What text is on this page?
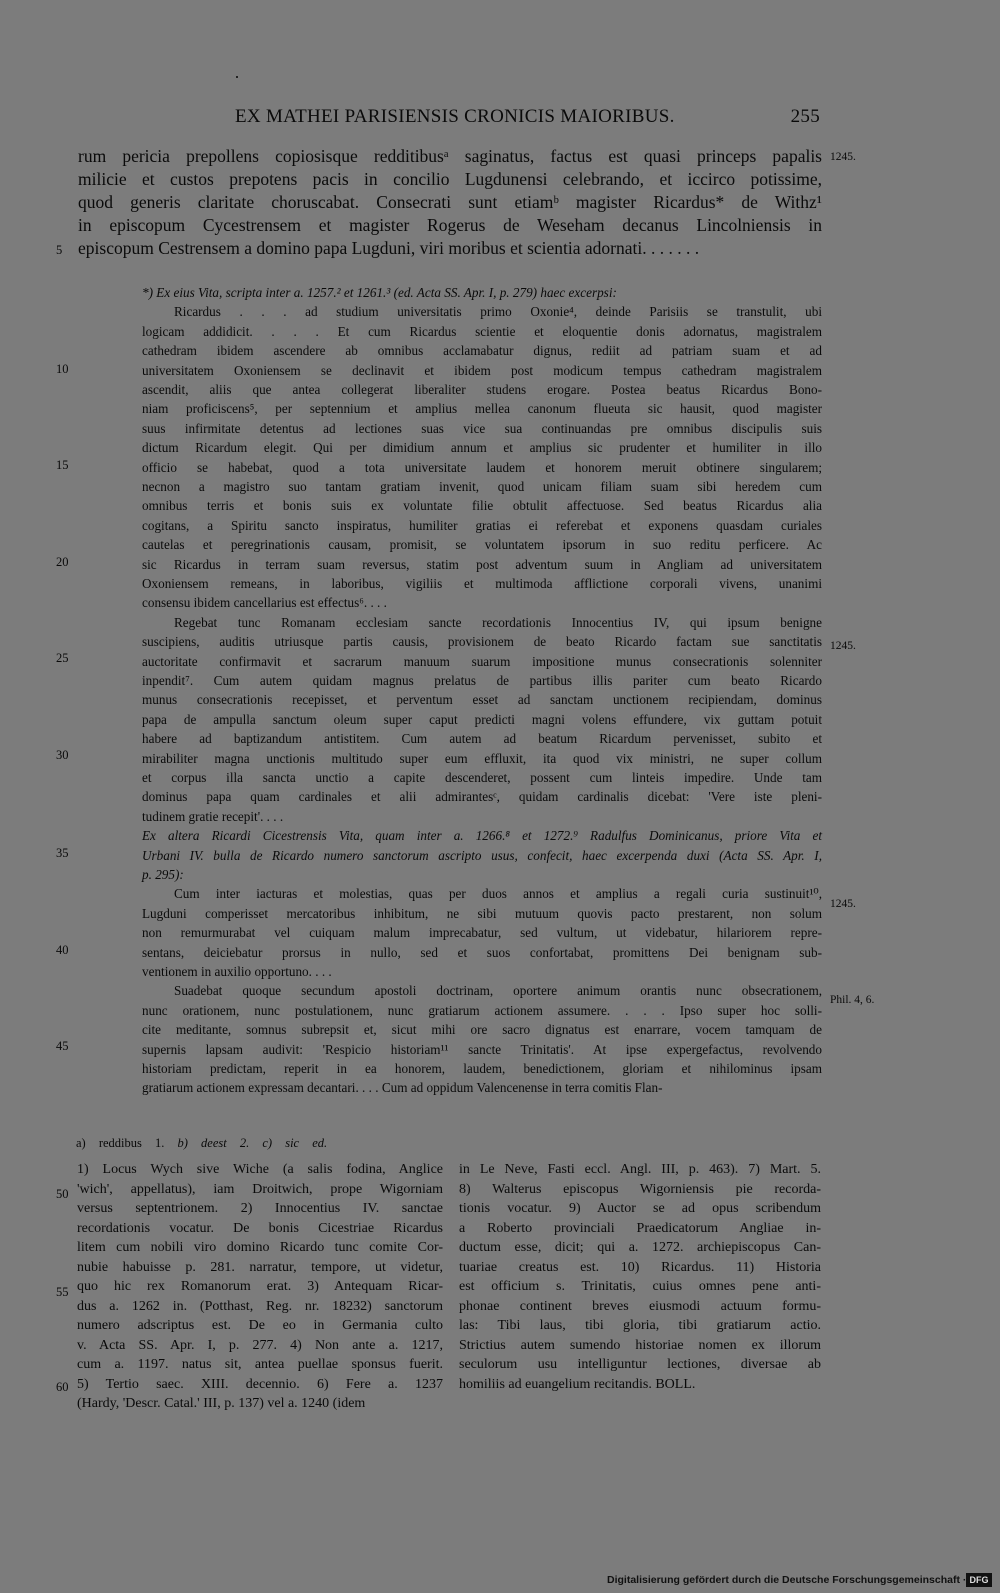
EX MATHEI PARISIENSIS CRONICIS MAIORIBUS.	255
rum pericia prepollens copiosisque redditibusᵃ saginatus, factus est quasi princeps papalis
milicie et custos prepotens pacis in concilio Lugdunensi celebrando, et iccirco potissime,
quod generis claritate choruscabat. Consecrati sunt etiamᵇ magister Ricardus* de Withz¹
in episcopum Cycestrensem et magister Rogerus de Weseham decanus Lincolniensis in
episcopum Cestrensem a domino papa Lugduni, viri moribus et scientia adornati. . . . . . .
*) Ex eius Vita, scripta inter a. 1257.² et 1261.³ (ed. Acta SS. Apr. I, p. 279) haec excerpsi:
Ricardus . . . ad studium universitatis primo Oxonie⁴, deinde Parisiis se transtulit, ubi
logicam addidicit. . . . Et cum Ricardus scientie et eloquentie donis adornatus, magistralem
cathedram ibidem ascendere ab omnibus acclamabatur dignus, rediit ad patriam suam et ad
universitatem Oxoniensem se declinavit et ibidem post modicum tempus cathedram magistralem
ascendit, aliis que antea collegerat liberaliter studens erogare. Postea beatus Ricardus Bono-
niam proficiscens⁵, per septennium et amplius mellea canonum flueuta sic hausit, quod magister
suus infirmitate detentus ad lectiones suas vice sua continuandas pre omnibus discipulis suis
dictum Ricardum elegit. Qui per dimidium annum et amplius sic prudenter et humiliter in illo
officio se habebat, quod a tota universitate laudem et honorem meruit obtinere singularem;
necnon a magistro suo tantam gratiam invenit, quod unicam filiam suam sibi heredem cum
omnibus terris et bonis suis ex voluntate filie obtulit affectuose. Sed beatus Ricardus alia
cogitans, a Spiritu sancto inspiratus, humiliter gratias ei referebat et exponens quasdam curiales
cautelas et peregrinationis causam, promisit, se voluntatem ipsorum in suo reditu perficere. Ac
sic Ricardus in terram suam reversus, statim post adventum suum in Angliam ad universitatem
Oxoniensem remeans, in laboribus, vigiliis et multimoda afflictione corporali vivens, unanimi
consensu ibidem cancellarius est effectus⁶. . . .
Regebat tunc Romanam ecclesiam sancte recordationis Innocentius IV, qui ipsum benigne
suscipiens, auditis utriusque partis causis, provisionem de beato Ricardo factam sue sanctitatis
auctoritate confirmavit et sacrarum manuum suarum impositione munus consecrationis solenniter
inpendit⁷. Cum autem quidam magnus prelatus de partibus illis pariter cum beato Ricardo
munus consecrationis recepisset, et perventum esset ad sanctam unctionem recipiendam, dominus
papa de ampulla sanctum oleum super caput predicti magni volens effundere, vix guttam potuit
habere ad baptizandum antistitem. Cum autem ad beatum Ricardum pervenisset, subito et
mirabiliter magna unctionis multitudo super eum effluxit, ita quod vix ministri, ne super collum
et corpus illa sancta unctio a capite descenderet, possent cum linteis impedire. Unde tam
dominus papa quam cardinales et alii admirantesᶜ, quidam cardinalis dicebat: 'Vere iste pleni-
tudinem gratie recepit'. . . .
Ex altera Ricardi Cicestrensis Vita, quam inter a. 1266.⁸ et 1272.⁹ Radulfus Dominicanus, priore Vita et
Urbani IV. bulla de Ricardo numero sanctorum ascripto usus, confecit, haec excerpenda duxi (Acta SS. Apr. I,
p. 295):
Cum inter iacturas et molestias, quas per duos annos et amplius a regali curia sustinuit¹⁰,
Lugduni comperisset mercatoribus inhibitum, ne sibi mutuum quovis pacto prestarent, non solum
non remurmurabat vel cuiquam malum imprecabatur, sed vultum, ut videbatur, hilariorem repre-
sentans, deiciebatur prorsus in nullo, sed et suos confortabat, promittens Dei benignam sub-
ventionem in auxilio opportuno. . . .
Suadebat quoque secundum apostoli doctrinam, oportere animum orantis nunc obsecrationem,
nunc orationem, nunc postulationem, nunc gratiarum actionem assumere. . . . Ipso super hoc solli-
cite meditante, somnus subrepsit et, sicut mihi ore sacro dignatus est enarrare, vocem tamquam de
supernis lapsam audivit: 'Respicio historiam¹¹ sancte Trinitatis'. At ipse expergefactus, revolvendo
historiam predictam, reperit in ea honorem, laudem, benedictionem, gloriam et nihilominus ipsam
gratiarum actionem expressam decantari. . . . Cum ad oppidum Valencenense in terra comitis Flan-
5
10
15
20
25
30
35
40
45
50
55
60
1245.
1245.
1245.
Phil. 4, 6.
a) reddibus 1. b) deest 2. c) sic ed.
1) Locus Wych sive Wiche (a salis fodina, Anglice
'wich', appellatus), iam Droitwich, prope Wigorniam
versus septentrionem. 2) Innocentius IV. sanctae
recordationis vocatur. De bonis Cicestriae Ricardus
litem cum nobili viro domino Ricardo tunc comite Cor-
nubie habuisse p. 281. narratur, tempore, ut videtur,
quo hic rex Romanorum erat. 3) Antequam Ricar-
dus a. 1262 in. (Potthast, Reg. nr. 18232) sanctorum
numero adscriptus est. De eo in Germania culto
v. Acta SS. Apr. I, p. 277. 4) Non ante a. 1217,
cum a. 1197. natus sit, antea puellae sponsus fuerit.
5) Tertio saec. XIII. decennio. 6) Fere a. 1237
(Hardy, 'Descr. Catal.' III, p. 137) vel a. 1240 (idem
in Le Neve, Fasti eccl. Angl. III, p. 463). 7) Mart. 5.
8) Walterus episcopus Wigorniensis pie recorda-
tionis vocatur. 9) Auctor se ad opus scribendum
a Roberto provinciali Praedicatorum Angliae in-
ductum esse, dicit; qui a. 1272. archiepiscopus Can-
tuariae creatus est. 10) Ricardus. 11) Historia
est officium s. Trinitatis, cuius omnes pene anti-
phonae continent breves eiusmodi actuum formu-
las: Tibi laus, tibi gloria, tibi gratiarum actio.
Strictius autem sumendo historiae nomen ex illorum
seculorum usu intelliguntur lectiones, diversae ab
homiliis ad euangelium recitandis. BOLL.
Digitalisierung gefördert durch die Deutsche Forschungsgemeinschaft · DFG
